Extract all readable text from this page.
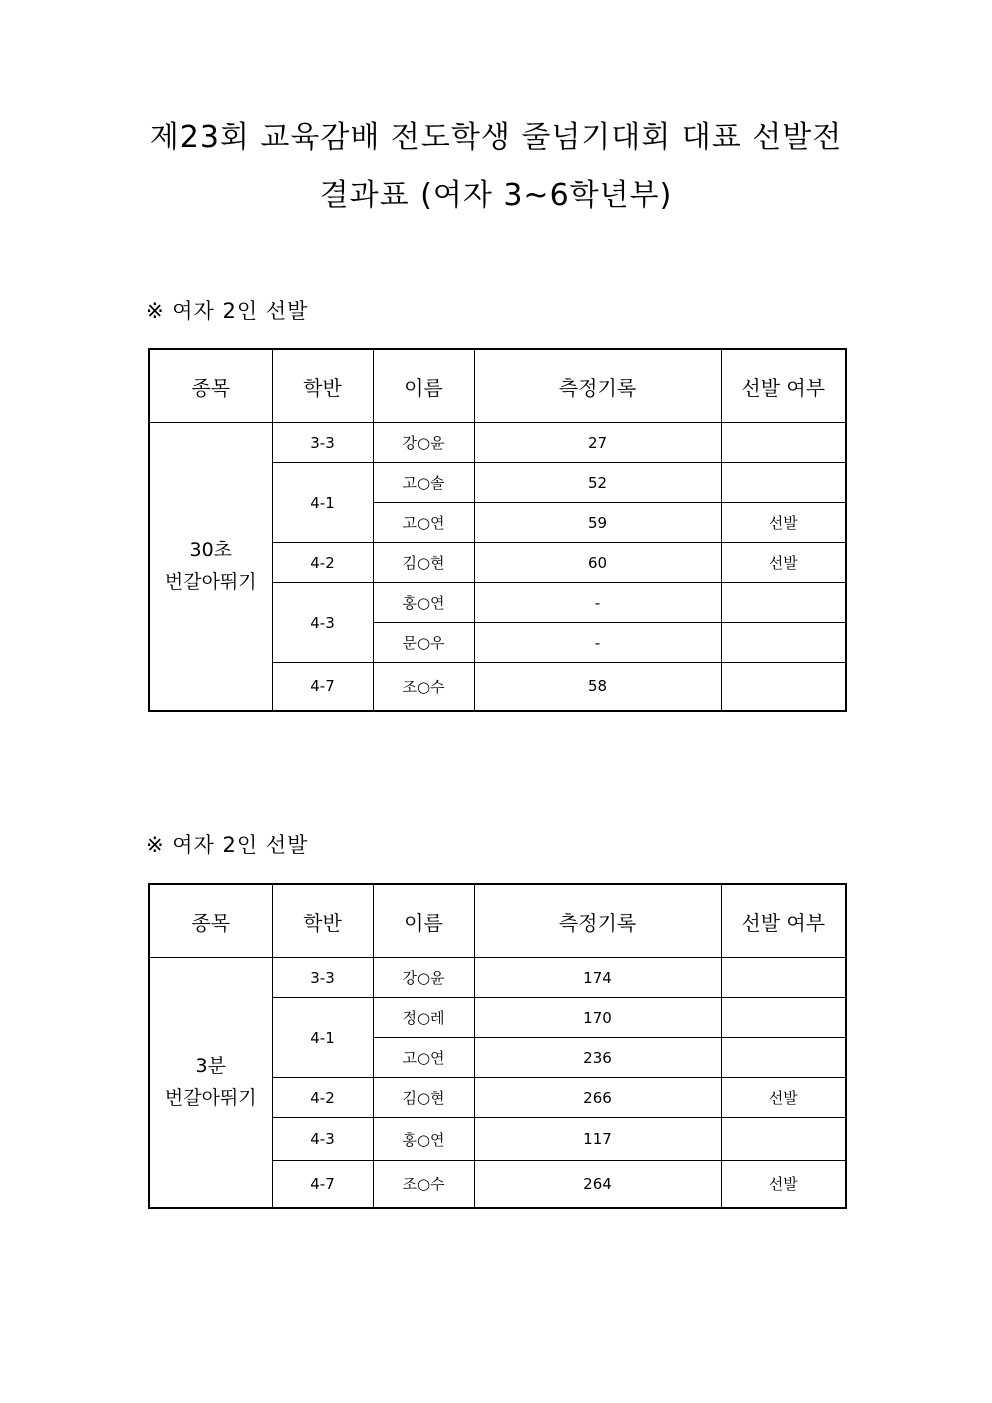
제23회 교육감배 전도학생 줄넘기대회 대표 선발전
결과표 (여자 3~6학년부)
※ 여자 2인 선발
종목	학반	이름	측정기록	선발 여부

30초
번갈아뛰기	3-3	강○윤	27	
	4-1	고○솔	52	
		고○연	59	선발
	4-2	김○현	60	선발
	4-3	홍○연	-	
		문○우	-	
	4-7	조○수	58	
※ 여자 2인 선발
종목	학반	이름	측정기록	선발 여부

3분
번갈아뛰기	3-3	강○윤	174	
	4-1	정○레	170	
		고○연	236	
	4-2	김○현	266	선발
	4-3	홍○연	117	
	4-7	조○수	264	선발
